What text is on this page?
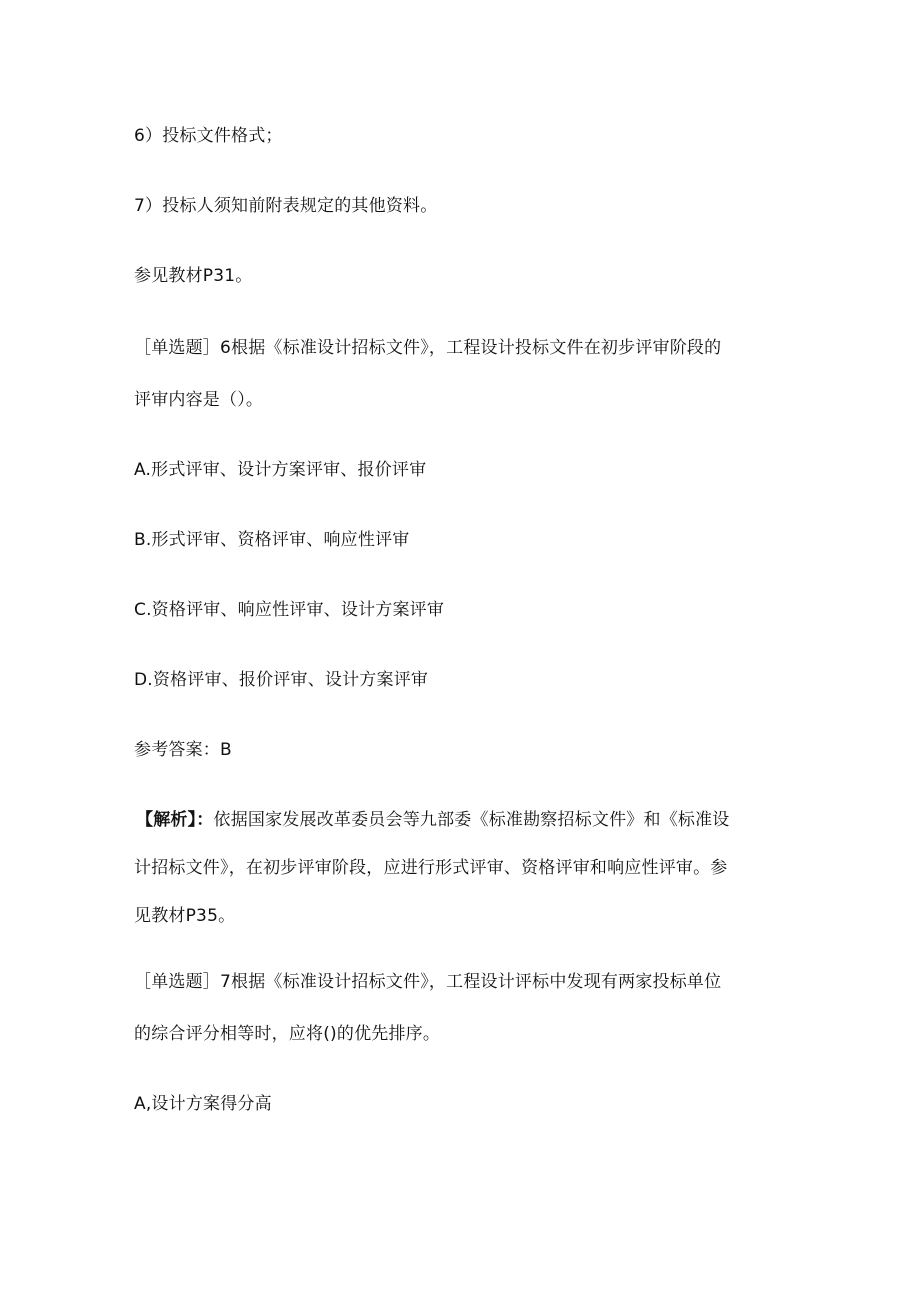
6）投标文件格式；
7）投标人须知前附表规定的其他资料。
参见教材P31。
［单选题］6根据《标准设计招标文件》，工程设计投标文件在初步评审阶段的
评审内容是（）。
A.形式评审、设计方案评审、报价评审
B.形式评审、资格评审、响应性评审
C.资格评审、响应性评审、设计方案评审
D.资格评审、报价评审、设计方案评审
参考答案：B
【解析】：依据国家发展改革委员会等九部委《标准勘察招标文件》和《标准设
计招标文件》，在初步评审阶段，应进行形式评审、资格评审和响应性评审。参
见教材P35。
［单选题］7根据《标准设计招标文件》，工程设计评标中发现有两家投标单位
的综合评分相等时，应将()的优先排序。
A,设计方案得分高
